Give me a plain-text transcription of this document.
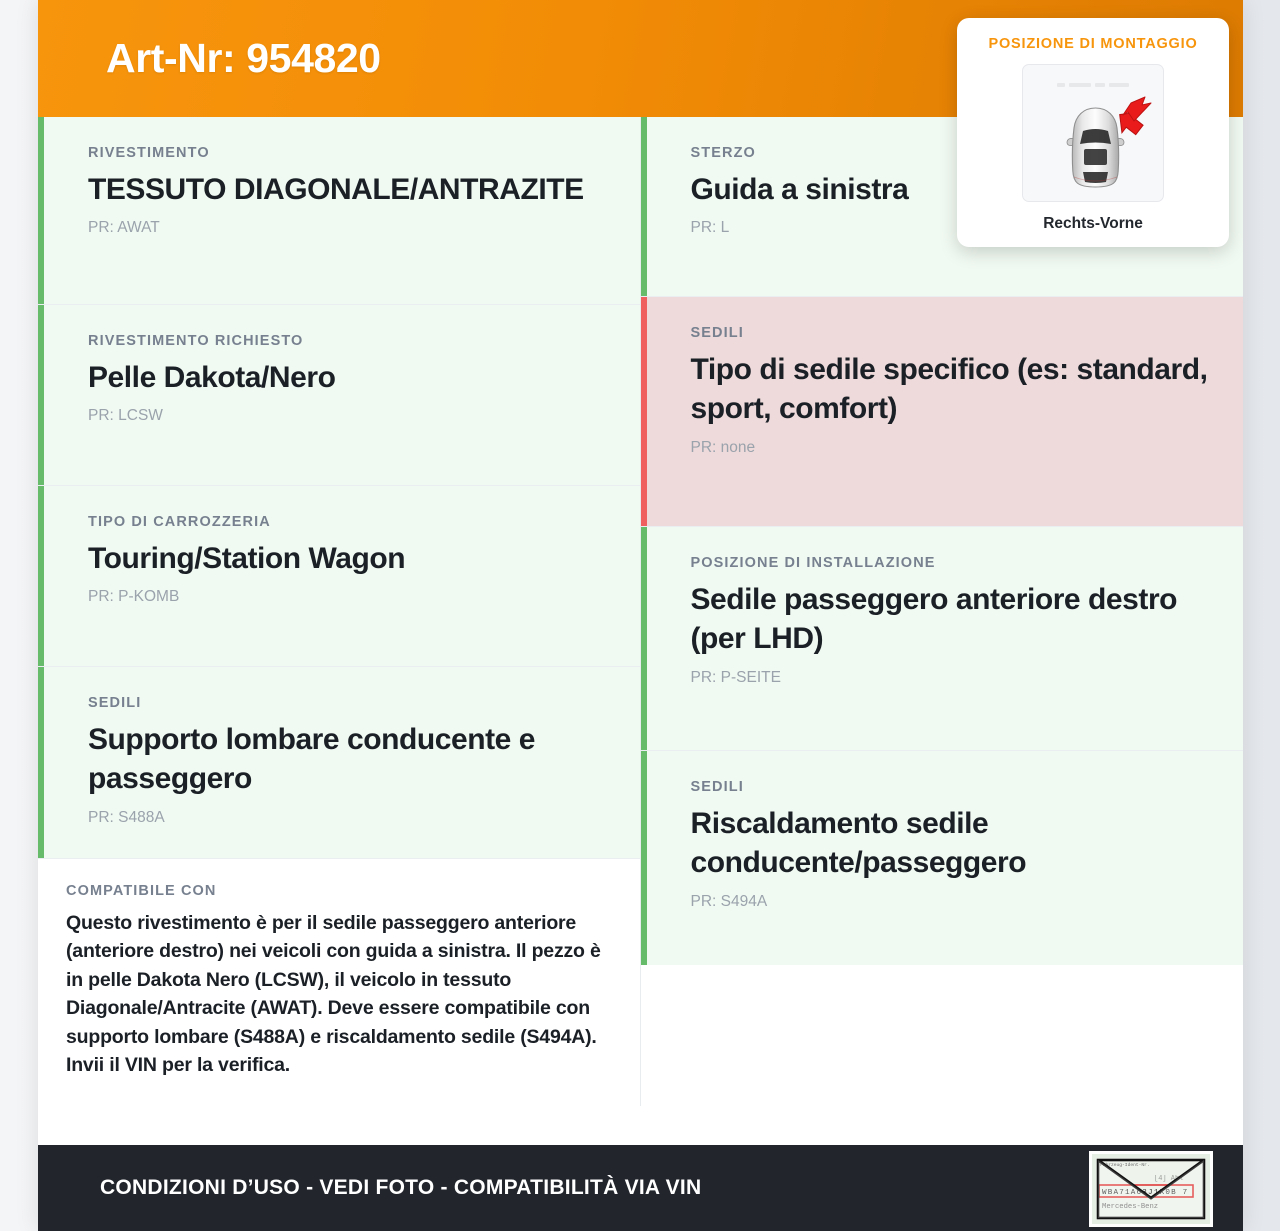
Art-Nr: 954820	POSIZIONE DI MONTAGGIO
Rechts-Vorne
RIVESTIMENTO
TESSUTO DIAGONALE/ANTRAZITE
PR: AWAT
RIVESTIMENTO RICHIESTO
Pelle Dakota/Nero
PR: LCSW
TIPO DI CARROZZERIA
Touring/Station Wagon
PR: P-KOMB
SEDILI
Supporto lombare conducente e passeggero
PR: S488A
COMPATIBILE CON
Questo rivestimento è per il sedile passeggero anteriore (anteriore destro) nei veicoli con guida a sinistra. Il pezzo è in pelle Dakota Nero (LCSW), il veicolo in tessuto Diagonale/Antracite (AWAT). Deve essere compatibile con supporto lombare (S488A) e riscaldamento sedile (S494A). Invii il VIN per la verifica.
STERZO
Guida a sinistra
PR: L
SEDILI
Tipo di sedile specifico (es: standard, sport, comfort)
PR: none
POSIZIONE DI INSTALLAZIONE
Sedile passeggero anteriore destro (per LHD)
PR: P-SEITE
SEDILI
Riscaldamento sedile conducente/passeggero
PR: S494A
CONDIZIONI D’USO - VEDI FOTO - COMPATIBILITÀ VIA VIN
Fahrzeug-Ident-Nr.
[4] Abl
WBA71A63J1X0B 7
Mercedes-Benz
